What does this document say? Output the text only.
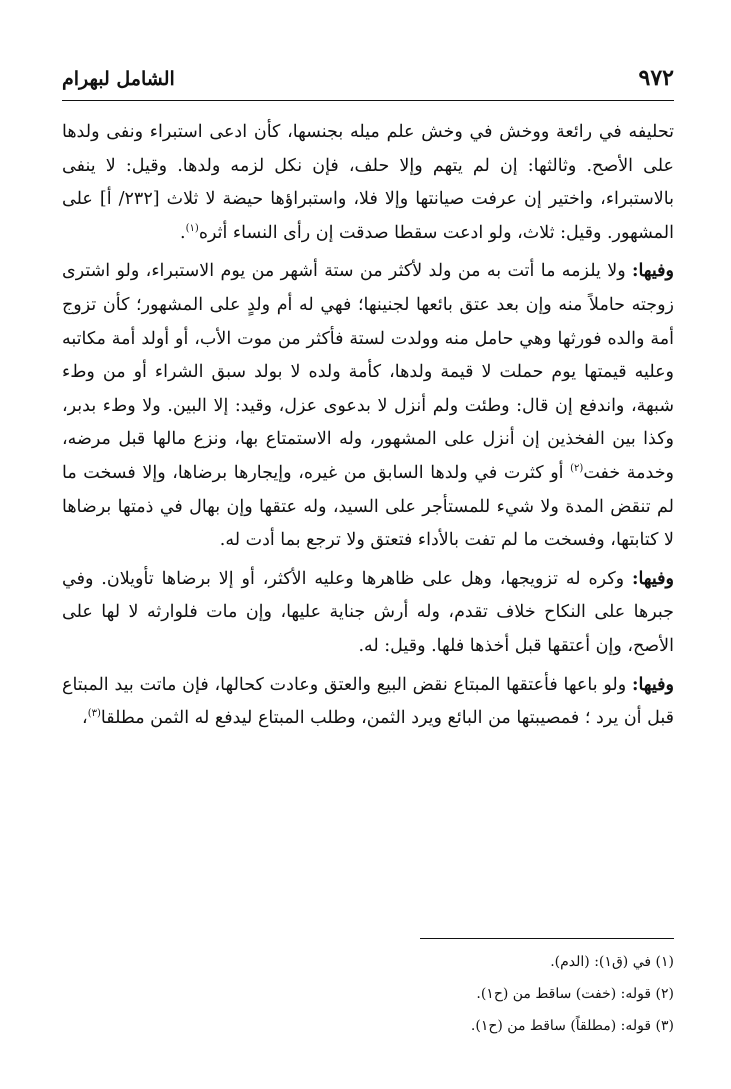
٩٧٢
الشامل لبهرام

تحليفه في رائعة ووخش في وخش علم ميله بجنسها، كأن ادعى استبراء ونفى ولدها على الأصح. وثالثها: إن لم يتهم وإلا حلف، فإن نكل لزمه ولدها. وقيل: لا ينفى بالاستبراء، واختير إن عرفت صيانتها وإلا فلا، واستبراؤها حيضة لا ثلاث [٢٣٢/ أ] على المشهور. وقيل: ثلاث، ولو ادعت سقطا صدقت إن رأى النساء أثره$^{(١)}$.

وفيها: ولا يلزمه ما أتت به من ولد لأكثر من ستة أشهر من يوم الاستبراء، ولو اشترى زوجته حاملاً منه وإن بعد عتق بائعها لجنينها؛ فهي له أم ولدٍ على المشهور؛ كأن تزوج أمة والده فورثها وهي حامل منه وولدت لستة فأكثر من موت الأب، أو أولد أمة مكاتبه وعليه قيمتها يوم حملت لا قيمة ولدها، كأمة ولده لا بولد سبق الشراء أو من وطء شبهة، واندفع إن قال: وطئت ولم أنزل لا بدعوى عزل، وقيد: إلا البين. ولا وطء بدبر، وكذا بين الفخذين إن أنزل على المشهور، وله الاستمتاع بها، ونزع مالها قبل مرضه، وخدمة خفت$^{(٢)}$ أو كثرت في ولدها السابق من غيره، وإيجارها برضاها، وإلا فسخت ما لم تنقض المدة ولا شيء للمستأجر على السيد، وله عتقها وإن بهال في ذمتها برضاها لا كتابتها، وفسخت ما لم تفت بالأداء فتعتق ولا ترجع بما أدت له.

وفيها: وكره له تزويجها، وهل على ظاهرها وعليه الأكثر، أو إلا برضاها تأويلان. وفي جبرها على النكاح خلاف تقدم، وله أرش جناية عليها، وإن مات فلوارثه لا لها على الأصح، وإن أعتقها قبل أخذها فلها. وقيل: له.

وفيها: ولو باعها فأعتقها المبتاع نقض البيع والعتق وعادت كحالها، فإن ماتت بيد المبتاع قبل أن يرد ؛ فمصيبتها من البائع ويرد الثمن، وطلب المبتاع ليدفع له الثمن مطلقا$^{(٣)}$،

(١) في (ق١): (الدم).

(٢) قوله: (خفت) ساقط من (ح١).

(٣) قوله: (مطلقاً) ساقط من (ح١).
